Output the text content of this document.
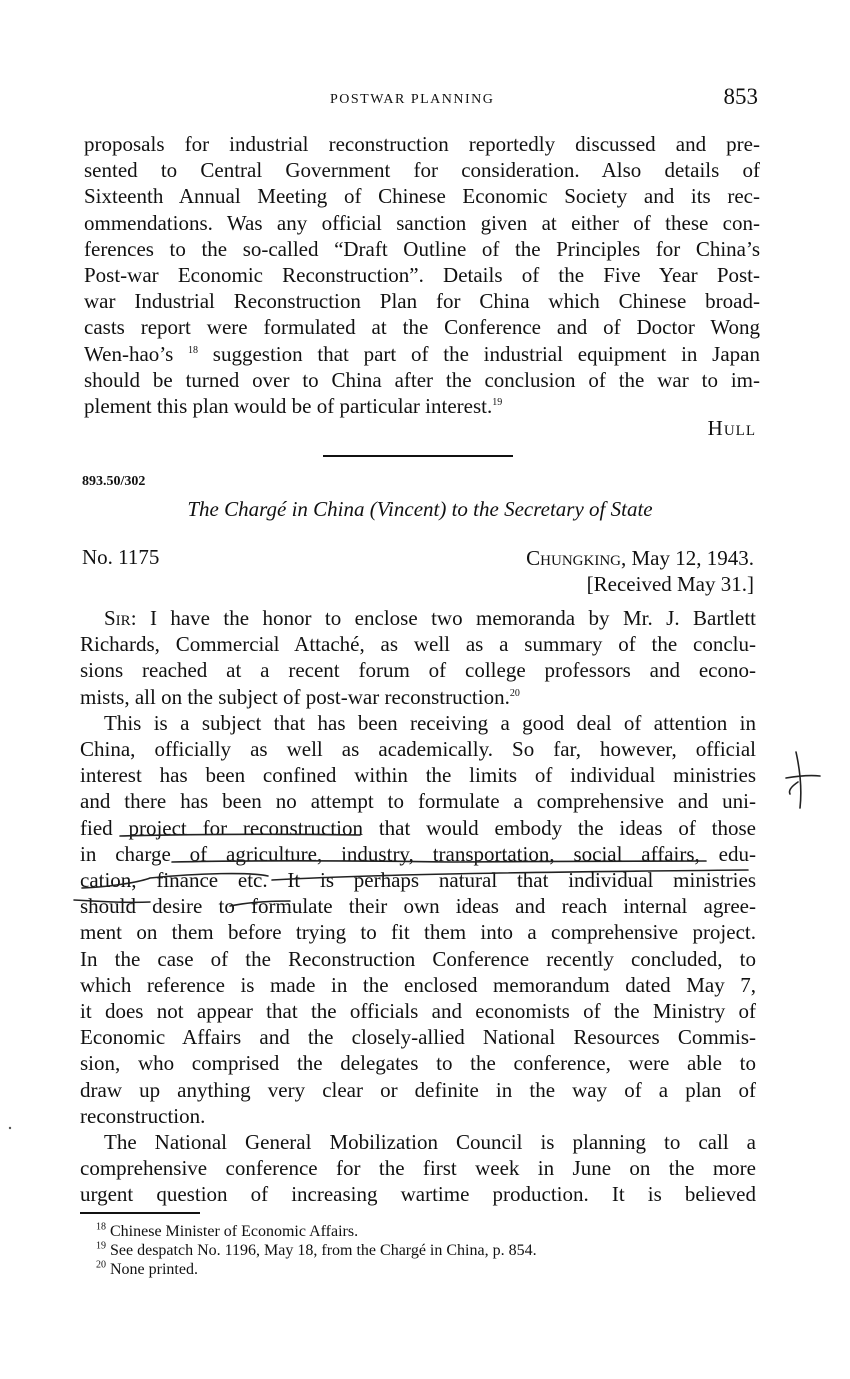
POSTWAR PLANNING	853
proposals for industrial reconstruction reportedly discussed and pre-
sented to Central Government for consideration. Also details of
Sixteenth Annual Meeting of Chinese Economic Society and its rec-
ommendations. Was any official sanction given at either of these con-
ferences to the so-called “Draft Outline of the Principles for China’s
Post-war Economic Reconstruction”. Details of the Five Year Post-
war Industrial Reconstruction Plan for China which Chinese broad-
casts report were formulated at the Conference and of Doctor Wong
Wen-hao’s $^{18}$ suggestion that part of the industrial equipment in Japan
should be turned over to China after the conclusion of the war to im-
plement this plan would be of particular interest.$^{19}$
Hull
893.50/302
The Chargé in China (Vincent) to the Secretary of State
No. 1175	Chungking, May 12, 1943.
[Received May 31.]
Sir: I have the honor to enclose two memoranda by Mr. J. Bartlett
Richards, Commercial Attaché, as well as a summary of the conclu-
sions reached at a recent forum of college professors and econo-
mists, all on the subject of post-war reconstruction.$^{20}$
This is a subject that has been receiving a good deal of attention in
China, officially as well as academically. So far, however, official
interest has been confined within the limits of individual ministries
and there has been no attempt to formulate a comprehensive and uni-
fied project for reconstruction that would embody the ideas of those
in charge of agriculture, industry, transportation, social affairs, edu-
cation, finance etc. It is perhaps natural that individual ministries
should desire to formulate their own ideas and reach internal agree-
ment on them before trying to fit them into a comprehensive project.
In the case of the Reconstruction Conference recently concluded, to
which reference is made in the enclosed memorandum dated May 7,
it does not appear that the officials and economists of the Ministry of
Economic Affairs and the closely-allied National Resources Commis-
sion, who comprised the delegates to the conference, were able to
draw up anything very clear or definite in the way of a plan of
reconstruction.
The National General Mobilization Council is planning to call a
comprehensive conference for the first week in June on the more
urgent question of increasing wartime production. It is believed
$^{18}$ Chinese Minister of Economic Affairs.
$^{19}$ See despatch No. 1196, May 18, from the Chargé in China, p. 854.
$^{20}$ None printed.
